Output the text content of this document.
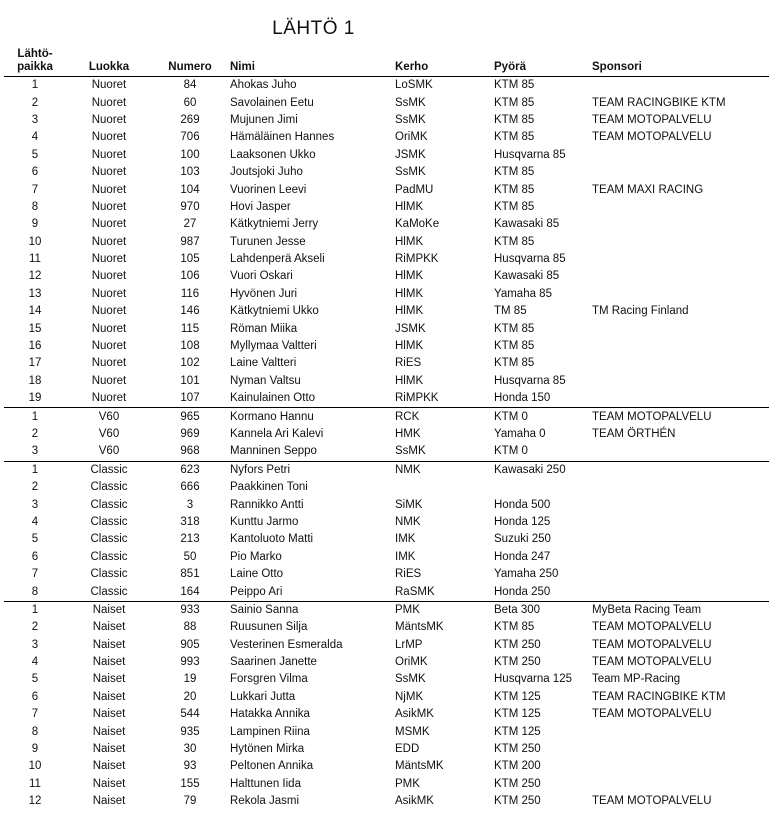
LÄHTÖ 1
Lähtö-
paikka	Luokka	Numero	Nimi	Kerho	Pyörä	Sponsori
1	Nuoret	84	Ahokas Juho	LoSMK	KTM 85	
2	Nuoret	60	Savolainen Eetu	SsMK	KTM 85	TEAM RACINGBIKE KTM
3	Nuoret	269	Mujunen Jimi	SsMK	KTM 85	TEAM MOTOPALVELU
4	Nuoret	706	Hämäläinen Hannes	OriMK	KTM 85	TEAM MOTOPALVELU
5	Nuoret	100	Laaksonen Ukko	JSMK	Husqvarna 85	
6	Nuoret	103	Joutsjoki Juho	SsMK	KTM 85	
7	Nuoret	104	Vuorinen Leevi	PadMU	KTM 85	TEAM MAXI RACING
8	Nuoret	970	Hovi Jasper	HlMK	KTM 85	
9	Nuoret	27	Kätkytniemi Jerry	KaMoKe	Kawasaki 85	
10	Nuoret	987	Turunen Jesse	HlMK	KTM 85	
11	Nuoret	105	Lahdenperä Akseli	RiMPKK	Husqvarna 85	
12	Nuoret	106	Vuori Oskari	HlMK	Kawasaki 85	
13	Nuoret	116	Hyvönen Juri	HlMK	Yamaha 85	
14	Nuoret	146	Kätkytniemi Ukko	HlMK	TM 85	TM Racing Finland
15	Nuoret	115	Röman Miika	JSMK	KTM 85	
16	Nuoret	108	Myllymaa Valtteri	HlMK	KTM 85	
17	Nuoret	102	Laine Valtteri	RiES	KTM 85	
18	Nuoret	101	Nyman Valtsu	HlMK	Husqvarna 85	
19	Nuoret	107	Kainulainen Otto	RiMPKK	Honda 150	
1	V60	965	Kormano Hannu	RCK	KTM 0	TEAM MOTOPALVELU
2	V60	969	Kannela Ari Kalevi	HMK	Yamaha 0	TEAM ÖRTHÉN
3	V60	968	Manninen Seppo	SsMK	KTM 0	
1	Classic	623	Nyfors Petri	NMK	Kawasaki 250	
2	Classic	666	Paakkinen Toni			
3	Classic	3	Rannikko Antti	SiMK	Honda 500	
4	Classic	318	Kunttu Jarmo	NMK	Honda 125	
5	Classic	213	Kantoluoto Matti	IMK	Suzuki 250	
6	Classic	50	Pio Marko	IMK	Honda 247	
7	Classic	851	Laine Otto	RiES	Yamaha 250	
8	Classic	164	Peippo Ari	RaSMK	Honda 250	
1	Naiset	933	Sainio Sanna	PMK	Beta 300	MyBeta Racing Team
2	Naiset	88	Ruusunen Silja	MäntsMK	KTM 85	TEAM MOTOPALVELU
3	Naiset	905	Vesterinen Esmeralda	LrMP	KTM 250	TEAM MOTOPALVELU
4	Naiset	993	Saarinen Janette	OriMK	KTM 250	TEAM MOTOPALVELU
5	Naiset	19	Forsgren Vilma	SsMK	Husqvarna 125	Team MP-Racing
6	Naiset	20	Lukkari Jutta	NjMK	KTM 125	TEAM RACINGBIKE KTM
7	Naiset	544	Hatakka Annika	AsikMK	KTM 125	TEAM MOTOPALVELU
8	Naiset	935	Lampinen Riina	MSMK	KTM 125	
9	Naiset	30	Hytönen Mirka	EDD	KTM 250	
10	Naiset	93	Peltonen Annika	MäntsMK	KTM 200	
11	Naiset	155	Halttunen Iida	PMK	KTM 250	
12	Naiset	79	Rekola Jasmi	AsikMK	KTM 250	TEAM MOTOPALVELU
